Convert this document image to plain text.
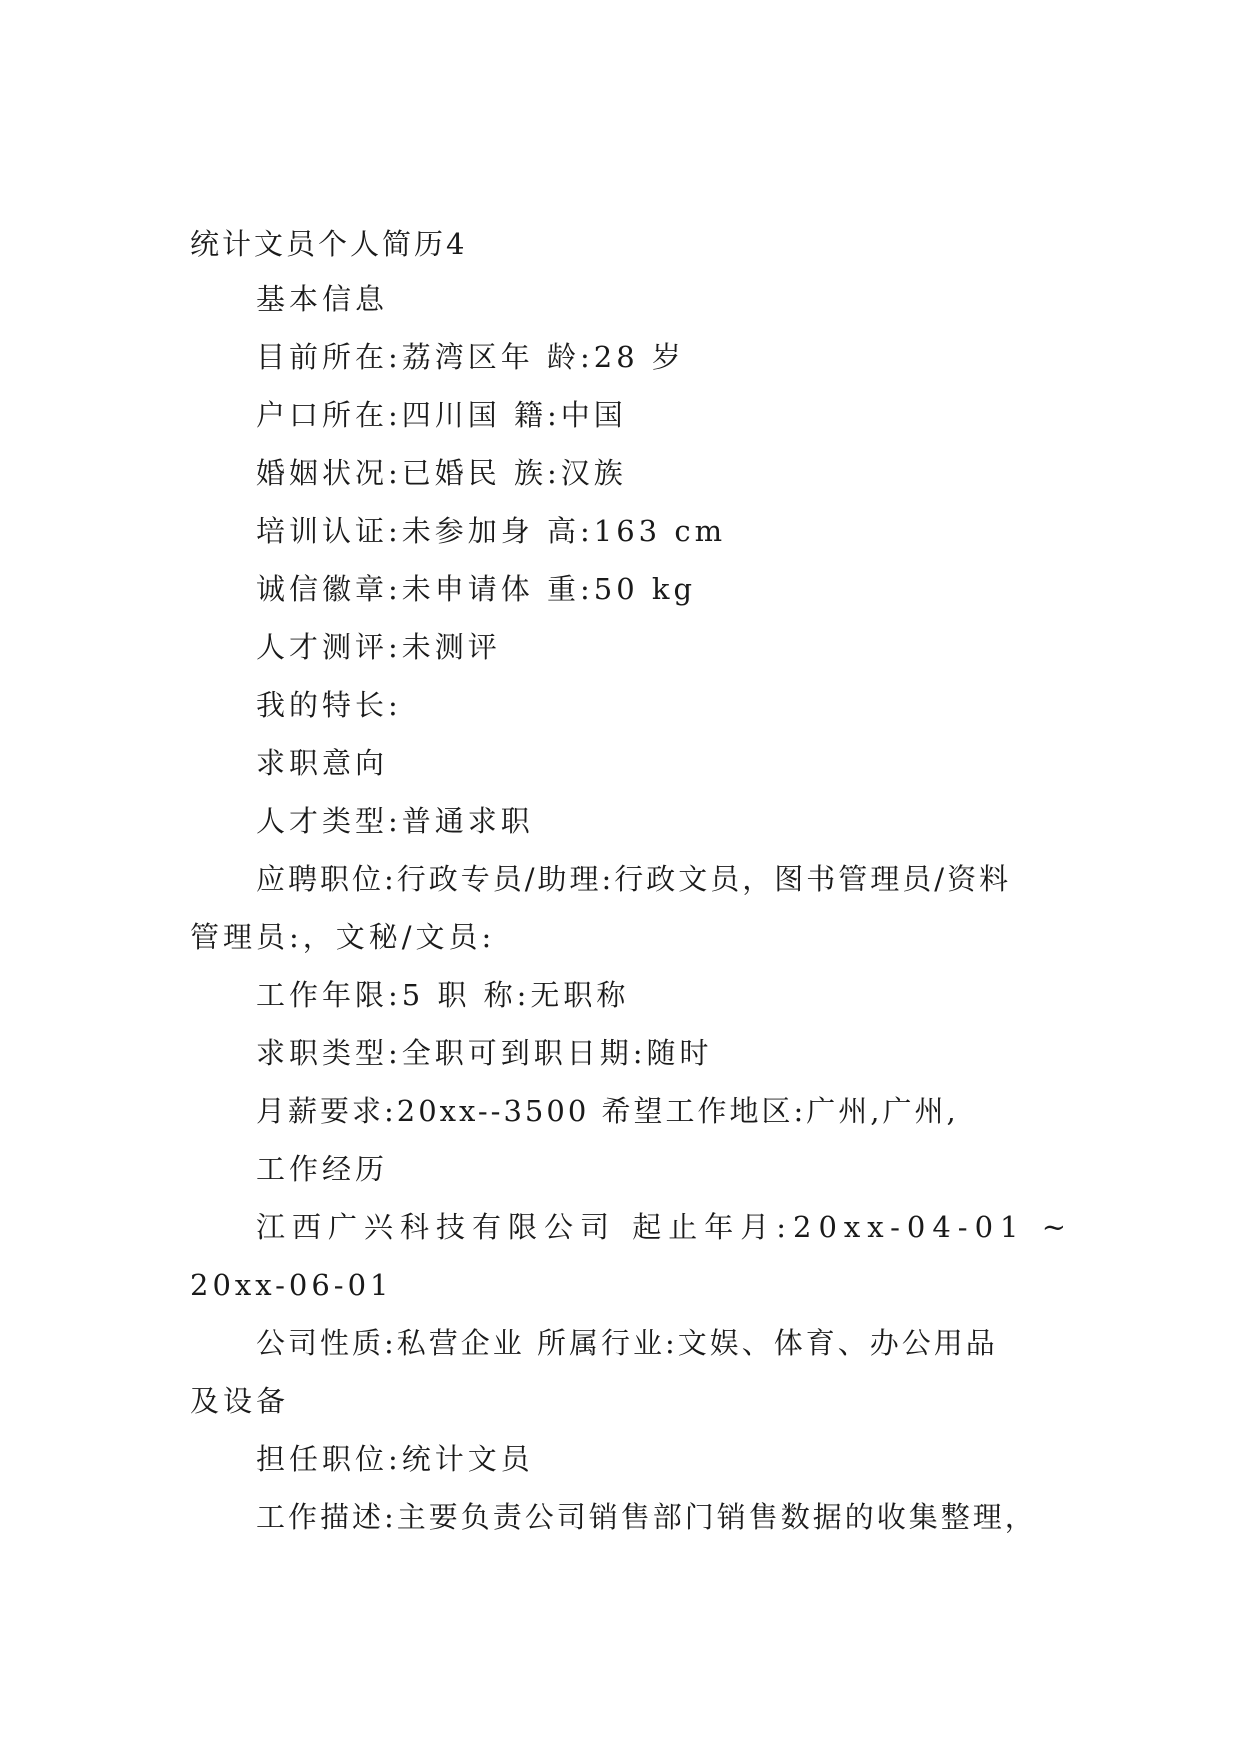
统计文员个人简历4
基本信息
目前所在:荔湾区年 龄:28 岁
户口所在:四川国 籍:中国
婚姻状况:已婚民 族:汉族
培训认证:未参加身 高:163 cm
诚信徽章:未申请体 重:50 kg
人才测评:未测评
我的特长:
求职意向
人才类型:普通求职
应聘职位:行政专员/助理:行政文员，图书管理员/资料
管理员:，文秘/文员:
工作年限:5 职 称:无职称
求职类型:全职可到职日期:随时
月薪要求:20xx--3500 希望工作地区:广州,广州,
工作经历
江西广兴科技有限公司 起止年月:20xx-04-01 ~
20xx-06-01
公司性质:私营企业 所属行业:文娱、体育、办公用品
及设备
担任职位:统计文员
工作描述:主要负责公司销售部门销售数据的收集整理，
